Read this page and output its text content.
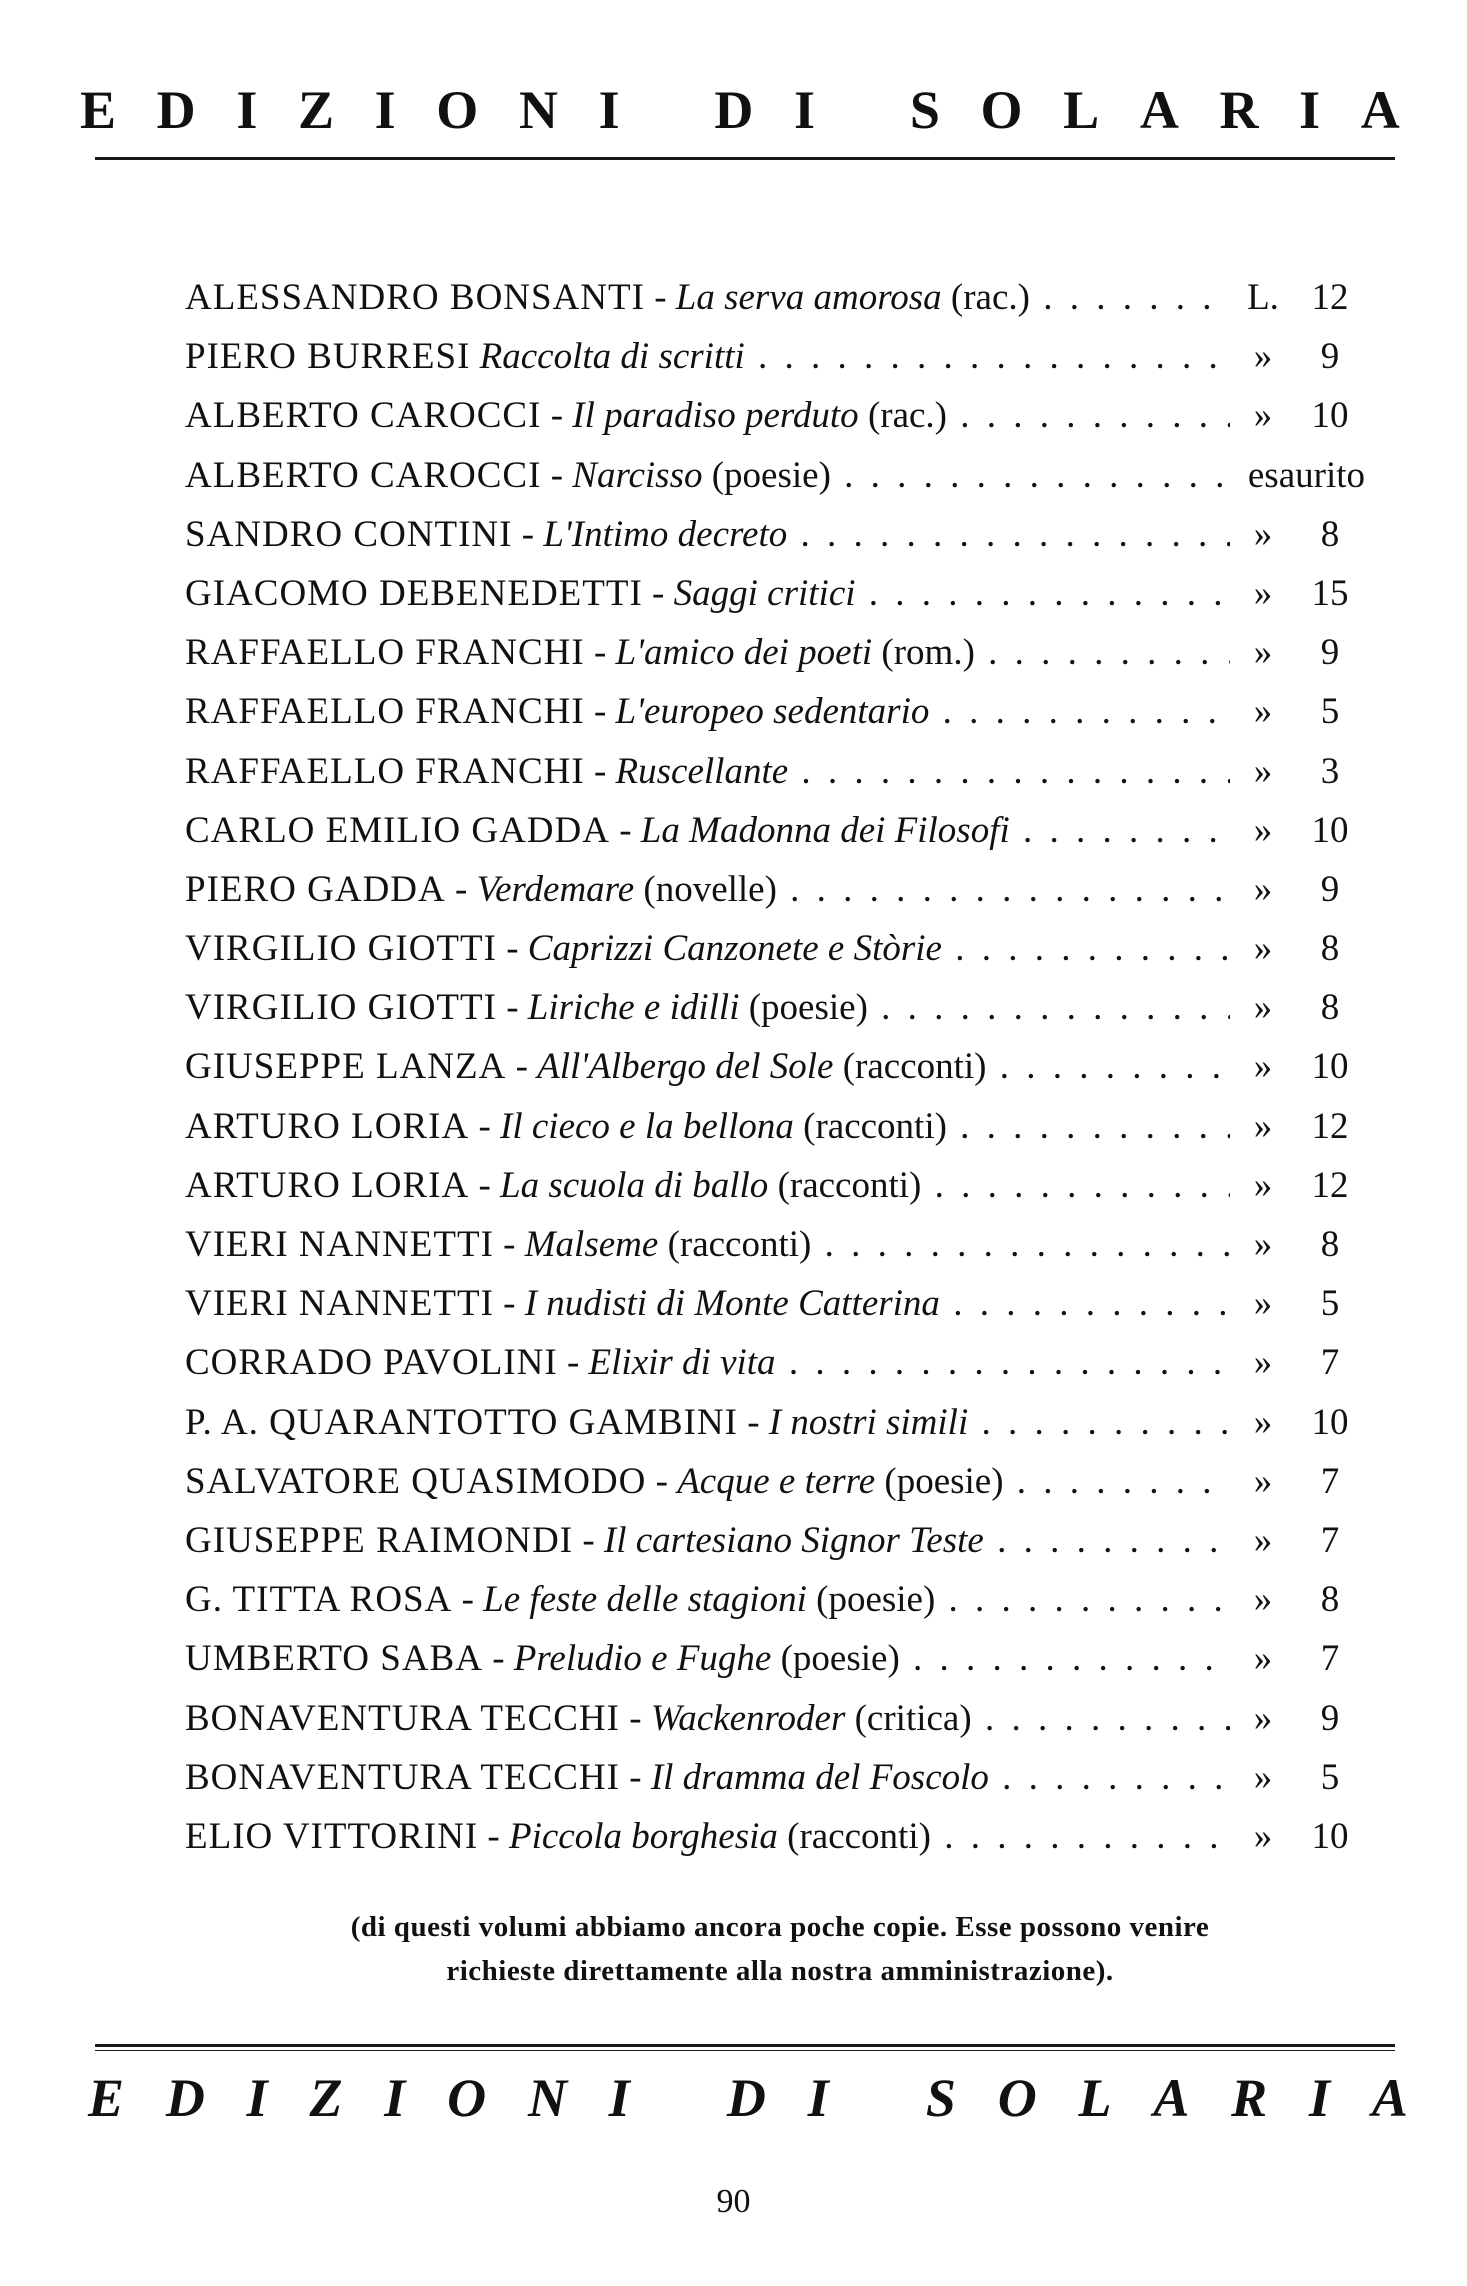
E D I Z I O N I
D I
S O L A R I A
ALESSANDRO BONSANTI - La serva amorosa (rac.) . . .	L. 12
PIERO BURRESI Raccolta di scritti . . .	»	9
ALBERTO CAROCCI - Il paradiso perduto (rac.) . . .	»	10
ALBERTO CAROCCI - Narcisso (poesie) . . .	esaurito
SANDRO CONTINI - L'Intimo decreto . . .	»	8
GIACOMO DEBENEDETTI - Saggi critici . . .	»	15
RAFFAELLO FRANCHI - L'amico dei poeti (rom.) . . .	»	9
RAFFAELLO FRANCHI - L'europeo sedentario . . .	»	5
RAFFAELLO FRANCHI - Ruscellante . . .	»	3
CARLO EMILIO GADDA - La Madonna dei Filosofi . . .	»	10
PIERO GADDA - Verdemare (novelle) . . .	»	9
VIRGILIO GIOTTI - Caprizzi Canzonete e Stòrie . . .	»	8
VIRGILIO GIOTTI - Liriche e idilli (poesie) . . .	»	8
GIUSEPPE LANZA - All'Albergo del Sole (racconti) . . .	»	10
ARTURO LORIA - Il cieco e la bellona (racconti) . . .	»	12
ARTURO LORIA - La scuola di ballo (racconti) . . .	»	12
VIERI NANNETTI - Malseme (racconti) . . .	»	8
VIERI NANNETTI - I nudisti di Monte Catterina . . .	»	5
CORRADO PAVOLINI - Elixir di vita . . .	»	7
P. A. QUARANTOTTO GAMBINI - I nostri simili . . .	»	10
SALVATORE QUASIMODO - Acque e terre (poesie) . . .	»	7
GIUSEPPE RAIMONDI - Il cartesiano Signor Teste . . .	»	7
G. TITTA ROSA - Le feste delle stagioni (poesie) . . .	»	8
UMBERTO SABA - Preludio e Fughe (poesie) . . .	»	7
BONAVENTURA TECCHI - Wackenroder (critica) . . .	»	9
BONAVENTURA TECCHI - Il dramma del Foscolo . . .	»	5
ELIO VITTORINI - Piccola borghesia (racconti) . . .	»	10
(di questi volumi abbiamo ancora poche copie. Esse possono venire
richieste direttamente alla nostra amministrazione).
E D I Z I O N I
D I
S O L A R I A
90
